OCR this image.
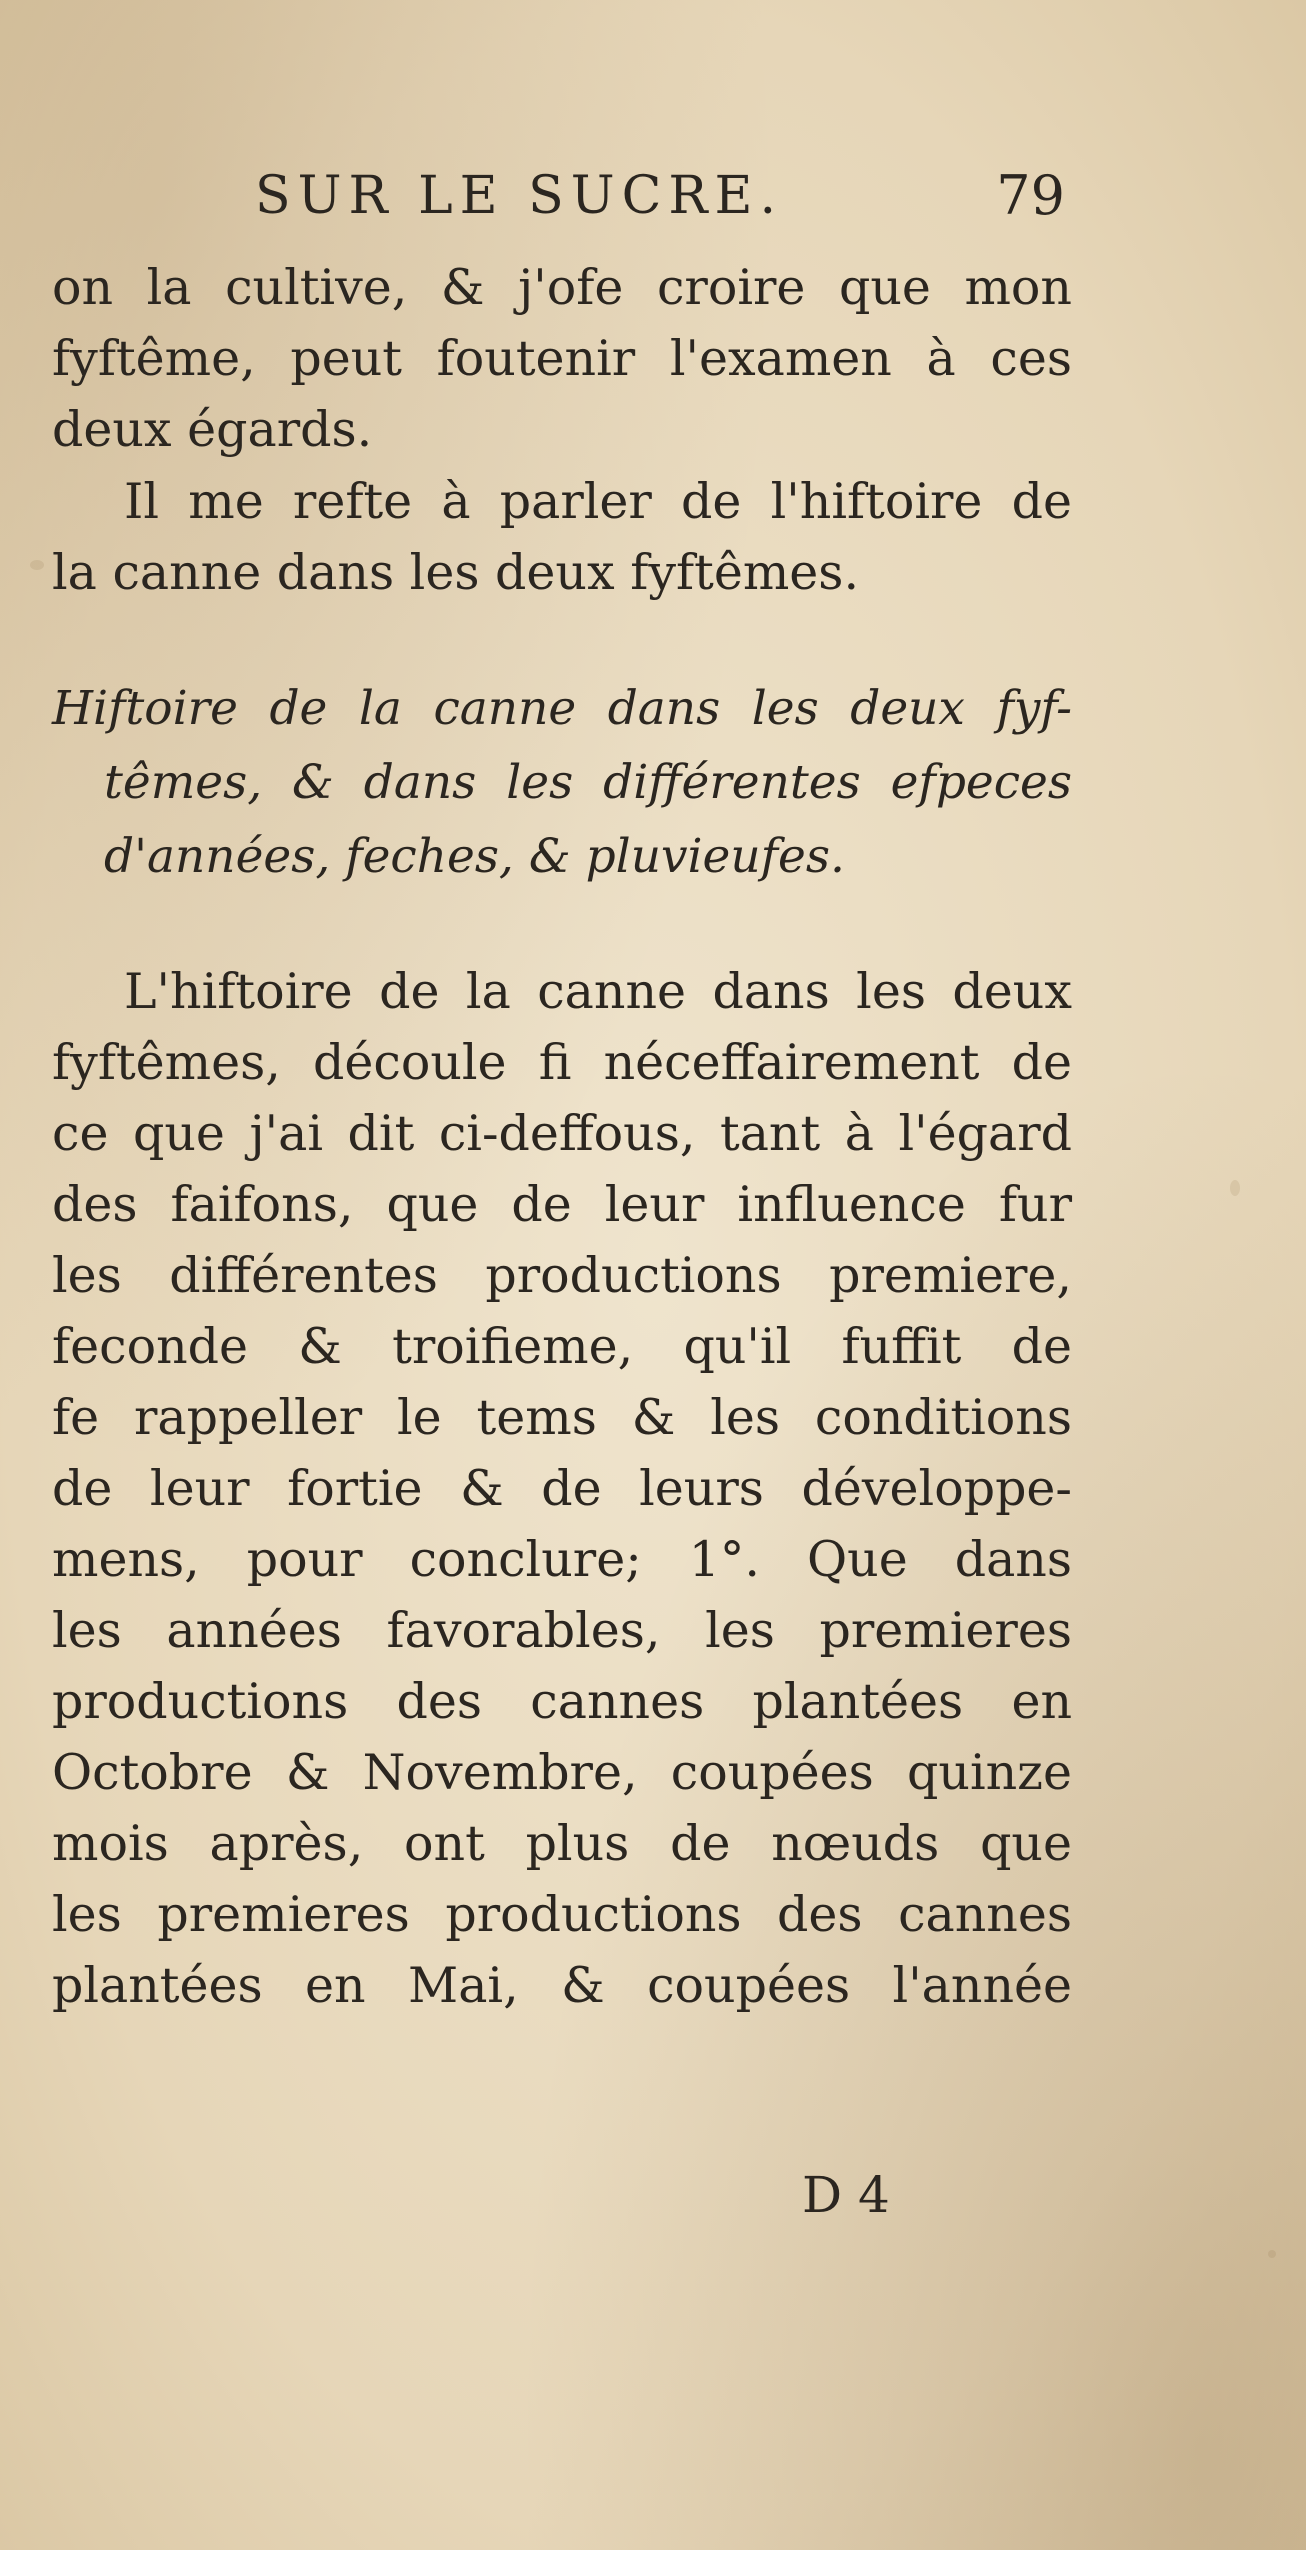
SUR LE SUCRE.	79
on la cultive, & j'ofe croire que mon
fyftême, peut foutenir l'examen à ces
deux égards.
Il me refte à parler de l'hiftoire de
la canne dans les deux fyftêmes.
Hiftoire de la canne dans les deux fyf-
têmes, & dans les différentes efpeces
d'années, feches, & pluvieufes.
L'hiftoire de la canne dans les deux
fyftêmes, découle fi néceffairement de
ce que j'ai dit ci-deffous, tant à l'égard
des faifons, que de leur influence fur
les différentes productions premiere,
feconde & troifieme, qu'il fuffit de
fe rappeller le tems & les conditions
de leur fortie & de leurs développe-
mens, pour conclure; 1°. Que dans
les années favorables, les premieres
productions des cannes plantées en
Octobre & Novembre, coupées quinze
mois après, ont plus de nœuds que
les premieres productions des cannes
plantées en Mai, & coupées l'année
D 4
